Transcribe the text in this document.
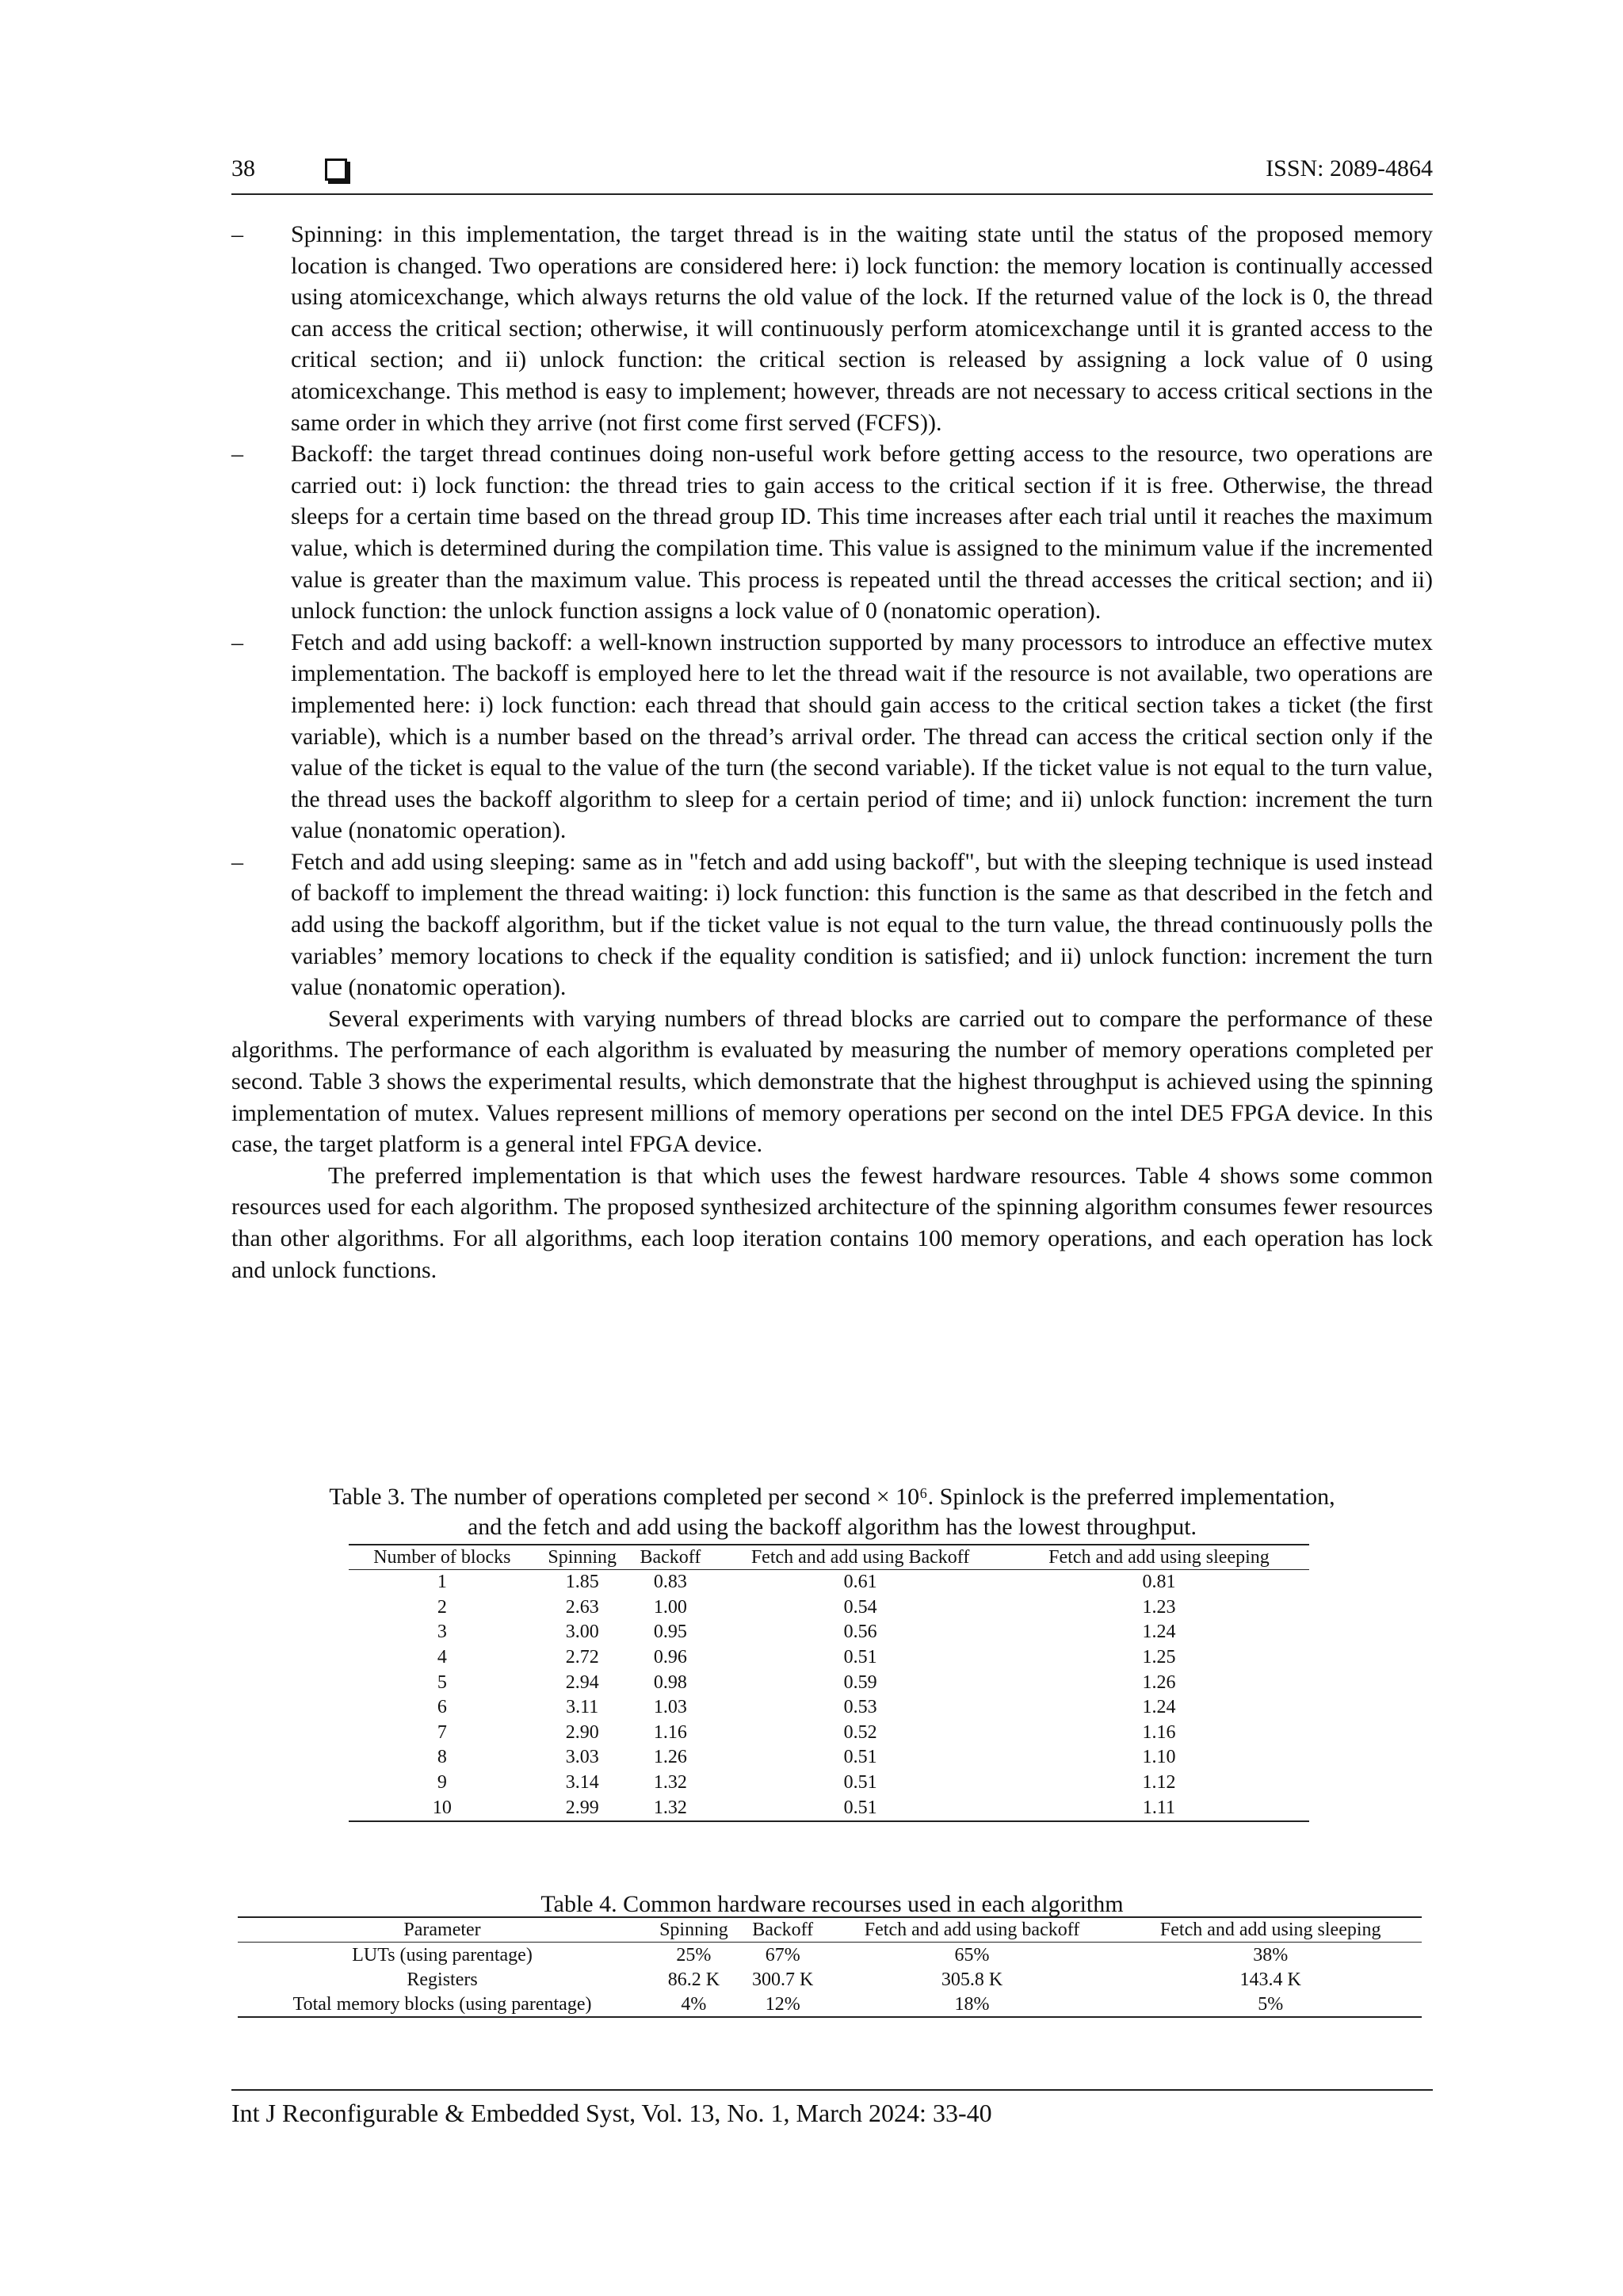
38	ISSN: 2089-4864
– Spinning: in this implementation, the target thread is in the waiting state until the status of the proposed memory location is changed. Two operations are considered here: i) lock function: the memory location is continually accessed using atomicexchange, which always returns the old value of the lock. If the returned value of the lock is 0, the thread can access the critical section; otherwise, it will continuously perform atomicexchange until it is granted access to the critical section; and ii) unlock function: the critical section is released by assigning a lock value of 0 using atomicexchange. This method is easy to implement; however, threads are not necessary to access critical sections in the same order in which they arrive (not first come first served (FCFS)).
– Backoff: the target thread continues doing non-useful work before getting access to the resource, two operations are carried out: i) lock function: the thread tries to gain access to the critical section if it is free. Otherwise, the thread sleeps for a certain time based on the thread group ID. This time increases after each trial until it reaches the maximum value, which is determined during the compilation time. This value is assigned to the minimum value if the incremented value is greater than the maximum value. This process is repeated until the thread accesses the critical section; and ii) unlock function: the unlock function assigns a lock value of 0 (nonatomic operation).
– Fetch and add using backoff: a well-known instruction supported by many processors to introduce an effective mutex implementation. The backoff is employed here to let the thread wait if the resource is not available, two operations are implemented here: i) lock function: each thread that should gain access to the critical section takes a ticket (the first variable), which is a number based on the thread’s arrival order. The thread can access the critical section only if the value of the ticket is equal to the value of the turn (the second variable). If the ticket value is not equal to the turn value, the thread uses the backoff algorithm to sleep for a certain period of time; and ii) unlock function: increment the turn value (nonatomic operation).
– Fetch and add using sleeping: same as in "fetch and add using backoff", but with the sleeping technique is used instead of backoff to implement the thread waiting: i) lock function: this function is the same as that described in the fetch and add using the backoff algorithm, but if the ticket value is not equal to the turn value, the thread continuously polls the variables’ memory locations to check if the equality condition is satisfied; and ii) unlock function: increment the turn value (nonatomic operation).

Several experiments with varying numbers of thread blocks are carried out to compare the performance of these algorithms. The performance of each algorithm is evaluated by measuring the number of memory operations completed per second. Table 3 shows the experimental results, which demonstrate that the highest throughput is achieved using the spinning implementation of mutex. Values represent millions of memory operations per second on the intel DE5 FPGA device. In this case, the target platform is a general intel FPGA device.

The preferred implementation is that which uses the fewest hardware resources. Table 4 shows some common resources used for each algorithm. The proposed synthesized architecture of the spinning algorithm consumes fewer resources than other algorithms. For all algorithms, each loop iteration contains 100 memory operations, and each operation has lock and unlock functions.

Table 3. The number of operations completed per second × 10⁶. Spinlock is the preferred implementation,
and the fetch and add using the backoff algorithm has the lowest throughput.
Number of blocks	Spinning	Backoff	Fetch and add using Backoff	Fetch and add using sleeping
1	1.85	0.83	0.61	0.81
2	2.63	1.00	0.54	1.23
3	3.00	0.95	0.56	1.24
4	2.72	0.96	0.51	1.25
5	2.94	0.98	0.59	1.26
6	3.11	1.03	0.53	1.24
7	2.90	1.16	0.52	1.16
8	3.03	1.26	0.51	1.10
9	3.14	1.32	0.51	1.12
10	2.99	1.32	0.51	1.11
Table 4. Common hardware recourses used in each algorithm
Parameter	Spinning	Backoff	Fetch and add using backoff	Fetch and add using sleeping
LUTs (using parentage)	25%	67%	65%	38%
Registers	86.2 K	300.7 K	305.8 K	143.4 K
Total memory blocks (using parentage)	4%	12%	18%	5%
Int J Reconfigurable & Embedded Syst, Vol. 13, No. 1, March 2024: 33-40
